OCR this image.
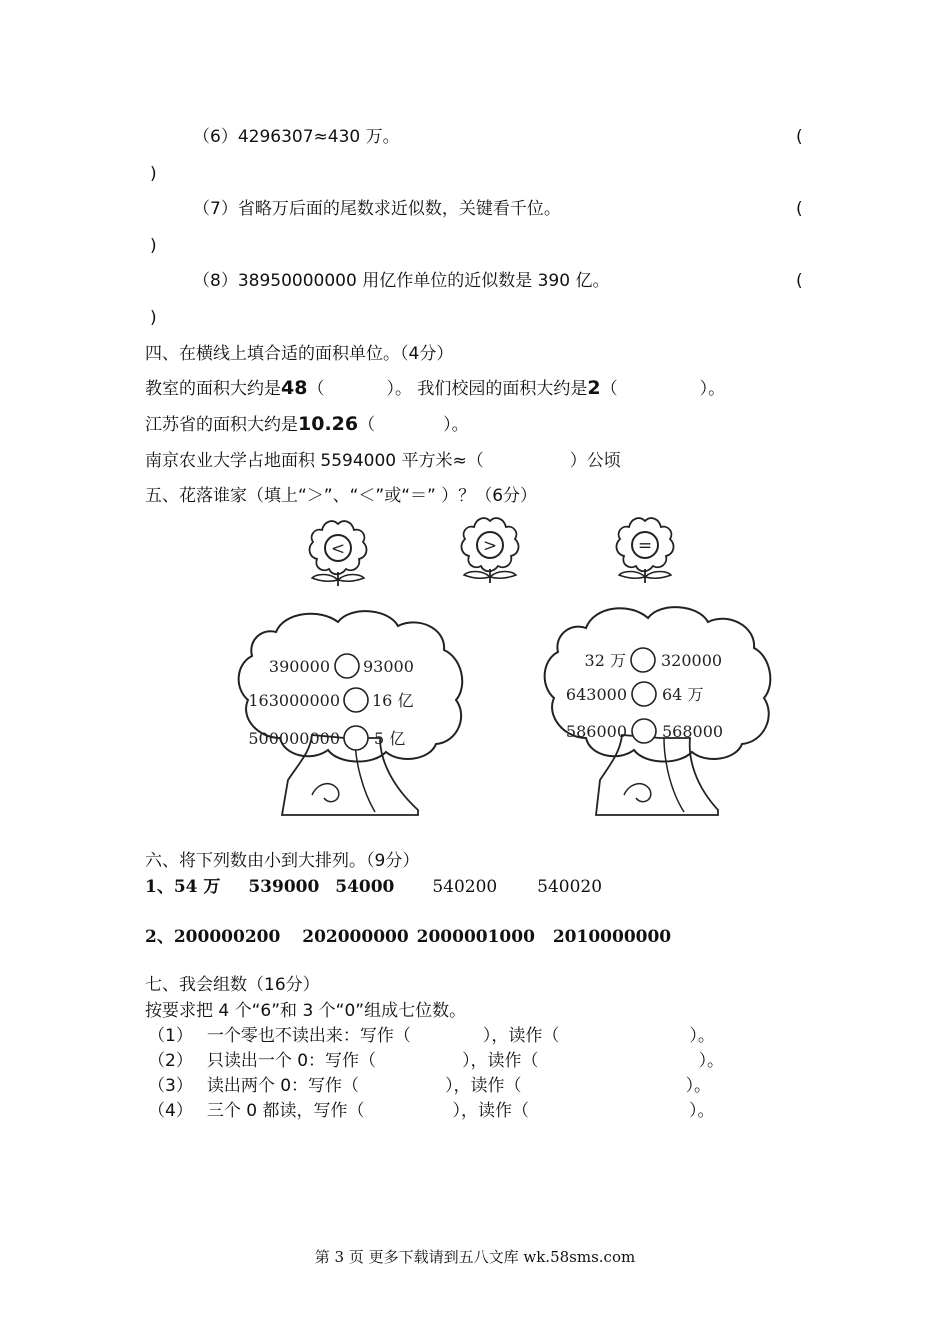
（6）4296307≈430 万。	(
)
（7）省略万后面的尾数求近似数，关键看千位。	(
)
（8）38950000000 用亿作单位的近似数是 390 亿。	(
)
四、在横线上填合适的面积单位。（4分）
教室的面积大约是48（	）。 我们校园的面积大约是2（	）。
江苏省的面积大约是10.26（	）。
南京农业大学占地面积 5594000 平方米≈（	）公顷
五、花落谁家（填上“＞”、“＜”或“＝” ）？（6分）
<	>	=
390000 93000
163000000 16 亿
500000000 5 亿
32 万 320000
643000 64 万
586000 568000
六、将下列数由小到大排列。（9分）
1、54 万 539000 54000 540200 540020
2、200000200 202000000 2000001000 2010000000
七、我会组数（16分）
按要求把 4 个“6”和 3 个“0”组成七位数。
（1） 一个零也不读出来：写作（	），读作（	）。
（2） 只读出一个 0：写作（	），读作（	）。
（3） 读出两个 0：写作（	），读作（	）。
（4） 三个 0 都读，写作（	），读作（	）。
第 3 页 更多下载请到五八文库 wk.58sms.com
